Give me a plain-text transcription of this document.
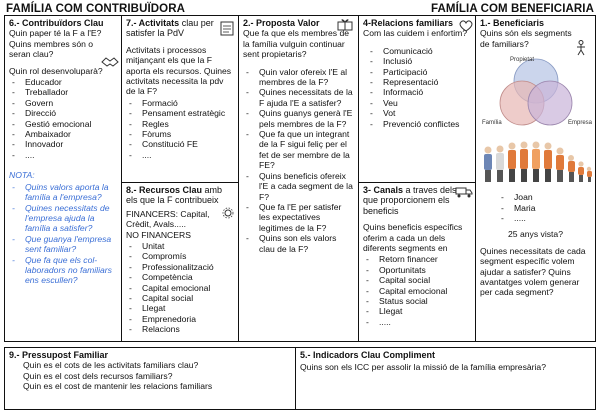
FAMÍLIA COM CONTRIBUÏDORA	FAMÍLIA COM BENEFICIARIA
6.- Contribuïdors Clau
Quin paper té la F a l'E?
Quins membres són o seran clau?
Quin rol desenvoluparà?
- Educador
- Treballador
- Govern
- Direcció
- Gestió emocional
- Ambaixador
- Innovador
- ....
NOTA:
- Quins valors aporta la família a l'empresa?
- Quines necessitats de l'empresa ajuda la família a satisfer?
- Que guanya l'empresa sent familiar?
- Que fa que els col-laboradors no familiars ens escullen?
7.- Activitats clau per satisfer la PdV
Activitats i processos mitjançant els que la F aporta els recursos. Quines activitats necessita la pdv de la F?
- Formació
- Pensament estratègic
- Regles
- Fòrums
- Constitució FE
- ....
8.- Recursos Clau amb els que la F contribueix
FINANCERS: Capital, Crèdit, Avals.....
NO FINANCERS
- Unitat
- Compromís
- Professionalització
- Competència
- Capital emocional
- Capital social
- Llegat
- Emprenedoria
- Relacions
2.- Proposta Valor
Que fa que els membres de la família vulguin continuar sent propietaris?
- Quin valor ofereix l'E al membres de la F?
- Quines necessitats de la F ajuda l'E a satisfer?
- Quins guanys generà l'E pels membres de la F?
- Que fa que un integrant de la F sigui feliç per el fet de ser membre de la FE?
- Quins beneficis ofereix l'E a cada segment de la F?
- Que fa l'E per satisfer les expectatives legitimes de la F?
- Quins son els valors clau de la F?
4-Relacions familiars
Com las cuidem i enfortim?
- Comunicació
- Inclusió
- Participació
- Representació
- Informació
- Veu
- Vot
- Prevenció conflictes
3- Canals a traves dels que proporcionem els beneficis
Quins beneficis específics oferim a cada un dels diferents segments en
- Retorn financer
- Oportunitats
- Capital social
- Capital emocional
- Status social
- Llegat
- .....
1.- Beneficiaris
Quins són els segments de familiars?
Propietat
Família	Empresa
- Joan
- Maria
- .....
25 anys vista?
Quines necessitats de cada segment específic volem ajudar a satisfer? Quins avantatges volem generar per cada segment?
9.- Pressupost Familiar
Quin es el cots de les activitats familiars clau?
Quin es el cost dels recursos familiars?
Quin es el cost de mantenir les relacions familiars
5.- Indicadors Clau Compliment
Quins son els ICC per assolir la missió de la família empresària?
